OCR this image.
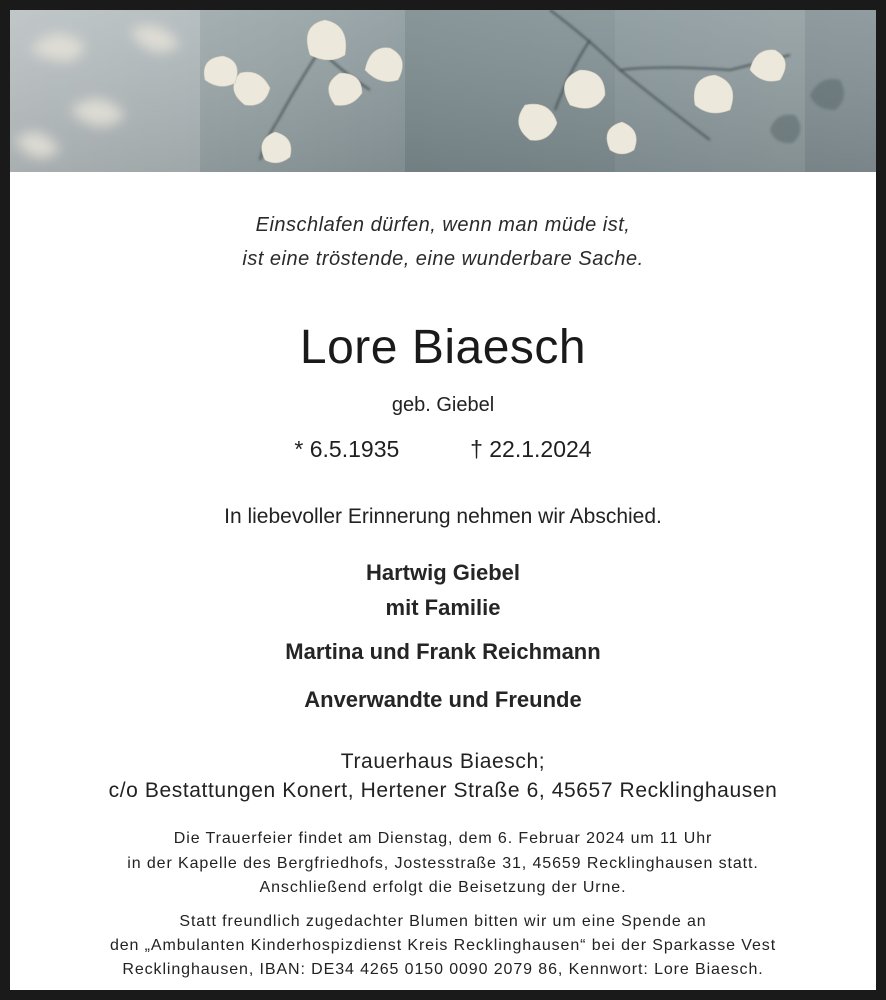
Einschlafen dürfen, wenn man müde ist,
ist eine tröstende, eine wunderbare Sache.
Lore Biaesch
geb. Giebel
* 6.5.1935	† 22.1.2024
In liebevoller Erinnerung nehmen wir Abschied.
Hartwig Giebel
mit Familie
Martina und Frank Reichmann
Anverwandte und Freunde
Trauerhaus Biaesch;
c/o Bestattungen Konert, Hertener Straße 6, 45657 Recklinghausen
Die Trauerfeier findet am Dienstag, dem 6. Februar 2024 um 11 Uhr
in der Kapelle des Bergfriedhofs, Jostesstraße 31, 45659 Recklinghausen statt.
Anschließend erfolgt die Beisetzung der Urne.
Statt freundlich zugedachter Blumen bitten wir um eine Spende an
den „Ambulanten Kinderhospizdienst Kreis Recklinghausen“ bei der Sparkasse Vest
Recklinghausen, IBAN: DE34 4265 0150 0090 2079 86, Kennwort: Lore Biaesch.
